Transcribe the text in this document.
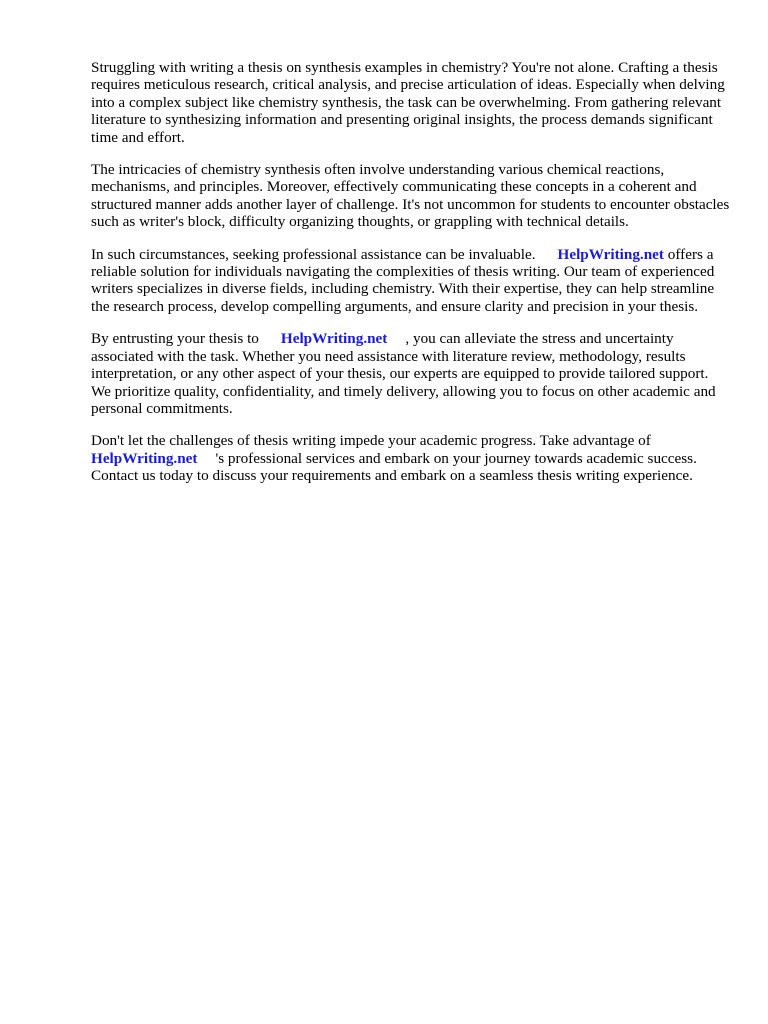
Struggling with writing a thesis on synthesis examples in chemistry? You're not alone. Crafting a thesis requires meticulous research, critical analysis, and precise articulation of ideas. Especially when delving into a complex subject like chemistry synthesis, the task can be overwhelming. From gathering relevant literature to synthesizing information and presenting original insights, the process demands significant time and effort.

The intricacies of chemistry synthesis often involve understanding various chemical reactions, mechanisms, and principles. Moreover, effectively communicating these concepts in a coherent and structured manner adds another layer of challenge. It's not uncommon for students to encounter obstacles such as writer's block, difficulty organizing thoughts, or grappling with technical details.

In such circumstances, seeking professional assistance can be invaluable. HelpWriting.net offers a reliable solution for individuals navigating the complexities of thesis writing. Our team of experienced writers specializes in diverse fields, including chemistry. With their expertise, they can help streamline the research process, develop compelling arguments, and ensure clarity and precision in your thesis.

By entrusting your thesis to HelpWriting.net , you can alleviate the stress and uncertainty associated with the task. Whether you need assistance with literature review, methodology, results interpretation, or any other aspect of your thesis, our experts are equipped to provide tailored support. We prioritize quality, confidentiality, and timely delivery, allowing you to focus on other academic and personal commitments.

Don't let the challenges of thesis writing impede your academic progress. Take advantage of HelpWriting.net 's professional services and embark on your journey towards academic success. Contact us today to discuss your requirements and embark on a seamless thesis writing experience.
